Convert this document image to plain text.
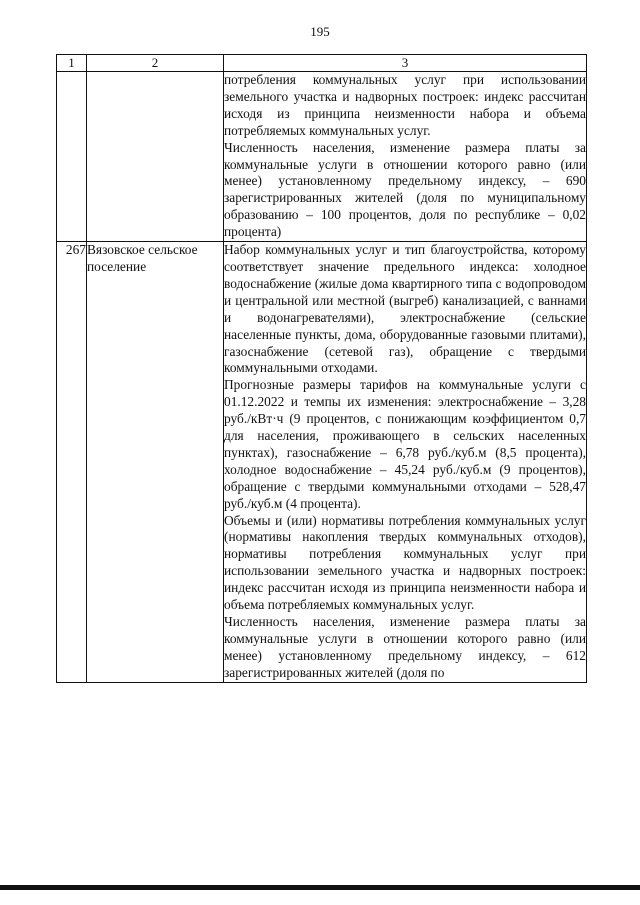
195
1	2	3

		потребления коммунальных услуг при использовании земельного участка и надворных построек: индекс рассчитан исходя из принципа неизменности набора и объема потребляемых коммунальных услуг.

Численность населения, изменение размера платы за коммунальные услуги в отношении которого равно (или менее) установленному предельному индексу, – 690 зарегистрированных жителей (доля по муниципальному образованию – 100 процентов, доля по республике – 0,02 процента)

267	Вязовское сельское поселение	Набор коммунальных услуг и тип благоустройства, которому соответствует значение предельного индекса: холодное водоснабжение (жилые дома квартирного типа с водопроводом и центральной или местной (выгреб) канализацией, с ваннами и водонагревателями), электроснабжение (сельские населенные пункты, дома, оборудованные газовыми плитами), газоснабжение (сетевой газ), обращение с твердыми коммунальными отходами.

Прогнозные размеры тарифов на коммунальные услуги с 01.12.2022 и темпы их изменения: электроснабжение – 3,28 руб./кВт·ч (9 процентов, с понижающим коэффициентом 0,7 для населения, проживающего в сельских населенных пунктах), газоснабжение – 6,78 руб./куб.м (8,5 процента), холодное водоснабжение – 45,24 руб./куб.м (9 процентов), обращение с твердыми коммунальными отходами – 528,47 руб./куб.м (4 процента).

Объемы и (или) нормативы потребления коммунальных услуг (нормативы накопления твердых коммунальных отходов), нормативы потребления коммунальных услуг при использовании земельного участка и надворных построек: индекс рассчитан исходя из принципа неизменности набора и объема потребляемых коммунальных услуг.

Численность населения, изменение размера платы за коммунальные услуги в отношении которого равно (или менее) установленному предельному индексу, – 612 зарегистрированных жителей (доля по
